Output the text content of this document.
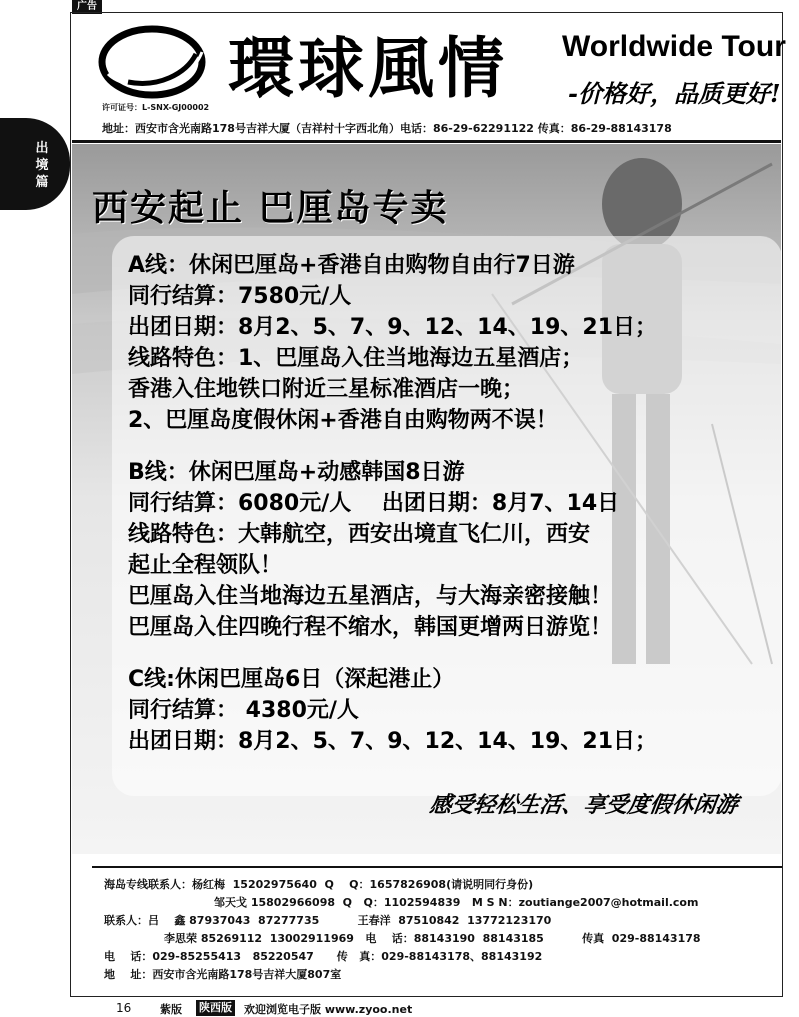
广告
出
境
篇
環球風情 Worldwide Tour
-价格好，品质更好!
许可证号：L-SNX-GJ00002
地址：西安市含光南路178号吉祥大厦（吉祥村十字西北角）电话：86-29-62291122 传真：86-29-88143178
西安起止 巴厘岛专卖

A线：休闲巴厘岛+香港自由购物自由行7日游

同行结算：7580元/人

出团日期：8月2、5、7、9、12、14、19、21日；

线路特色：1、巴厘岛入住当地海边五星酒店；

香港入住地铁口附近三星标准酒店一晚；

2、巴厘岛度假休闲+香港自由购物两不误！

B线：休闲巴厘岛+动感韩国8日游

同行结算：6080元/人    出团日期：8月7、14日

线路特色：大韩航空，西安出境直飞仁川，西安

起止全程领队！

巴厘岛入住当地海边五星酒店，与大海亲密接触！

巴厘岛入住四晚行程不缩水，韩国更增两日游览！

C线:休闲巴厘岛6日（深起港止）

同行结算： 4380元/人

出团日期：8月2、5、7、9、12、14、19、21日；

感受轻松生活、享受度假休闲游

海岛专线联系人：杨红梅  15202975640  Q    Q：1657826908(请说明同行身份)

邹天戈 15802966098  Q   Q：1102594839   M S N：zoutiange2007@hotmail.com

联系人：吕    鑫 87937043  87277735          王春洋  87510842  13772123170

李思荣 85269112  13002911969   电    话：88143190  88143185          传真  029-88143178

电    话：029-85255413   85220547      传   真：029-88143178、88143192

地    址：西安市含光南路178号吉祥大厦807室

16	紫版 陕西版 欢迎浏览电子版 www.zyoo.net
